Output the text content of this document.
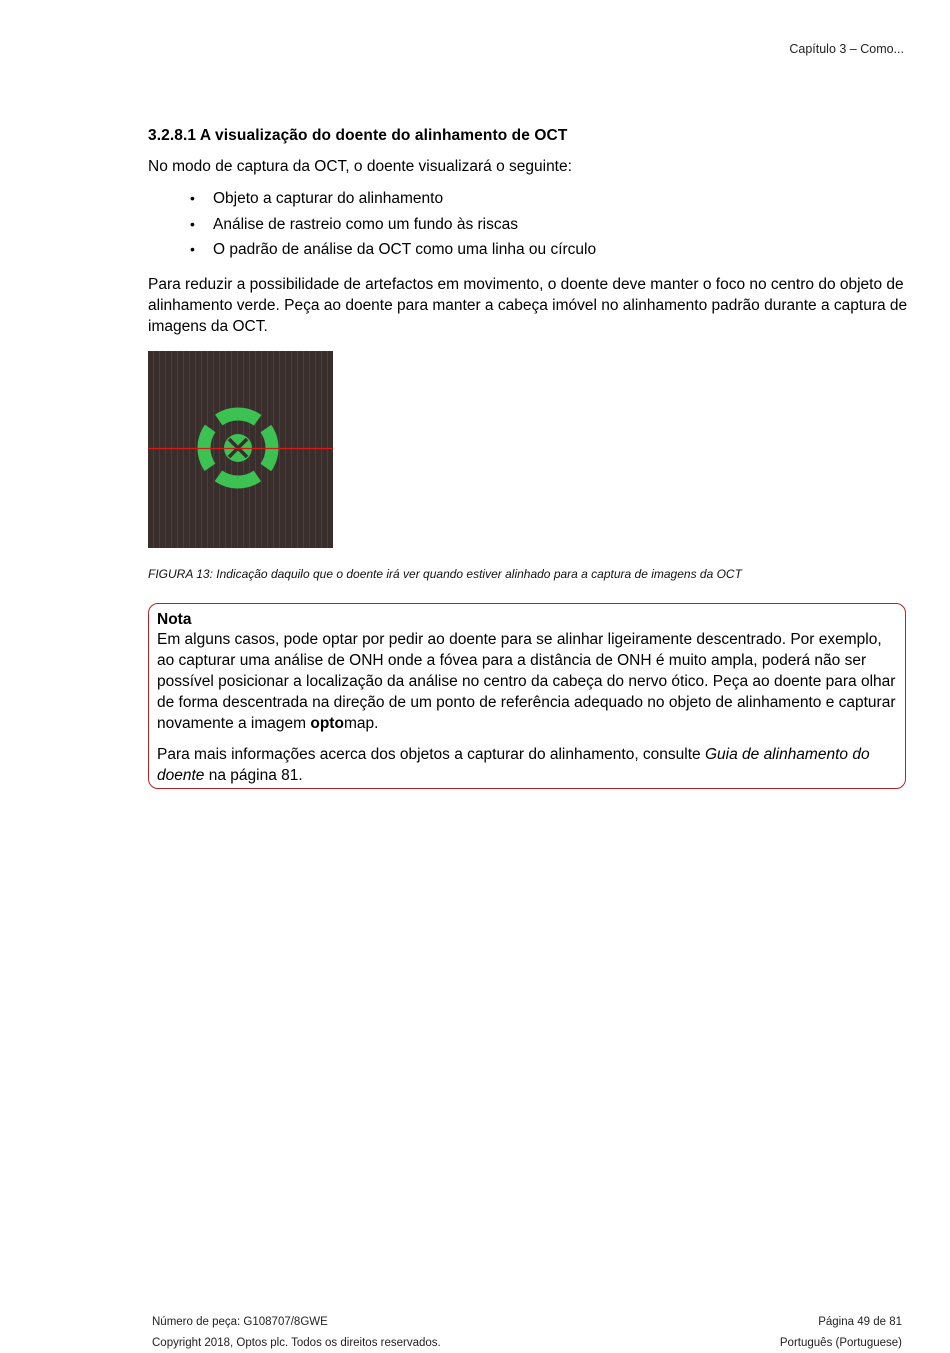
Capítulo 3 – Como...
3.2.8.1 A visualização do doente do alinhamento de OCT

No modo de captura da OCT, o doente visualizará o seguinte:

• Objeto a capturar do alinhamento
• Análise de rastreio como um fundo às riscas
• O padrão de análise da OCT como uma linha ou círculo

Para reduzir a possibilidade de artefactos em movimento, o doente deve manter o foco no centro do objeto de alinhamento verde. Peça ao doente para manter a cabeça imóvel no alinhamento padrão durante a captura de imagens da OCT.

FIGURA 13: Indicação daquilo que o doente irá ver quando estiver alinhado para a captura de imagens da OCT

Nota

Em alguns casos, pode optar por pedir ao doente para se alinhar ligeiramente descentrado. Por exemplo, ao capturar uma análise de ONH onde a fóvea para a distância de ONH é muito ampla, poderá não ser possível posicionar a localização da análise no centro da cabeça do nervo ótico. Peça ao doente para olhar de forma descentrada na direção de um ponto de referência adequado no objeto de alinhamento e capturar novamente a imagem optomap.

Para mais informações acerca dos objetos a capturar do alinhamento, consulte Guia de alinhamento do doente na página 81.

Número de peça: G108707/8GWE
Copyright 2018, Optos plc. Todos os direitos reservados.
Página 49 de 81
Português (Portuguese)
